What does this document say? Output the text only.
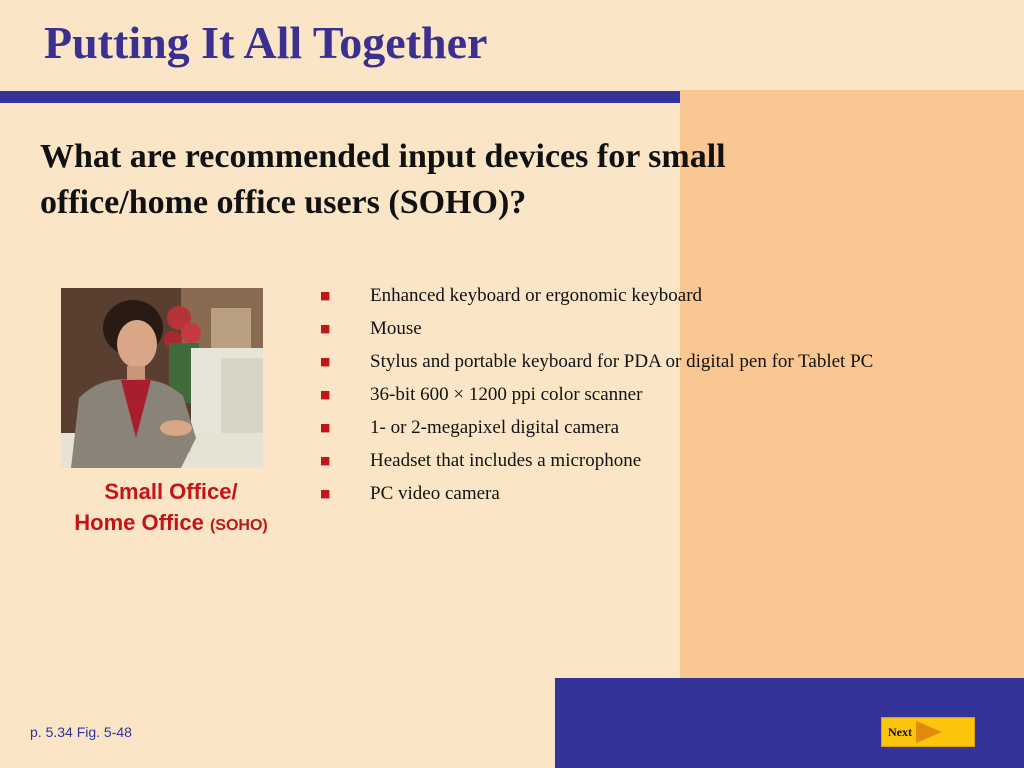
Putting It All Together

What are recommended input devices for small office/home office users (SOHO)?

Small Office/
Home Office (SOHO)
■ Enhanced keyboard or ergonomic keyboard
■ Mouse
■ Stylus and portable keyboard for PDA or digital pen for Tablet PC
■ 36-bit 600 × 1200 ppi color scanner
■ 1- or 2-megapixel digital camera
■ Headset that includes a microphone
■ PC video camera
p. 5.34 Fig. 5-48	Next
